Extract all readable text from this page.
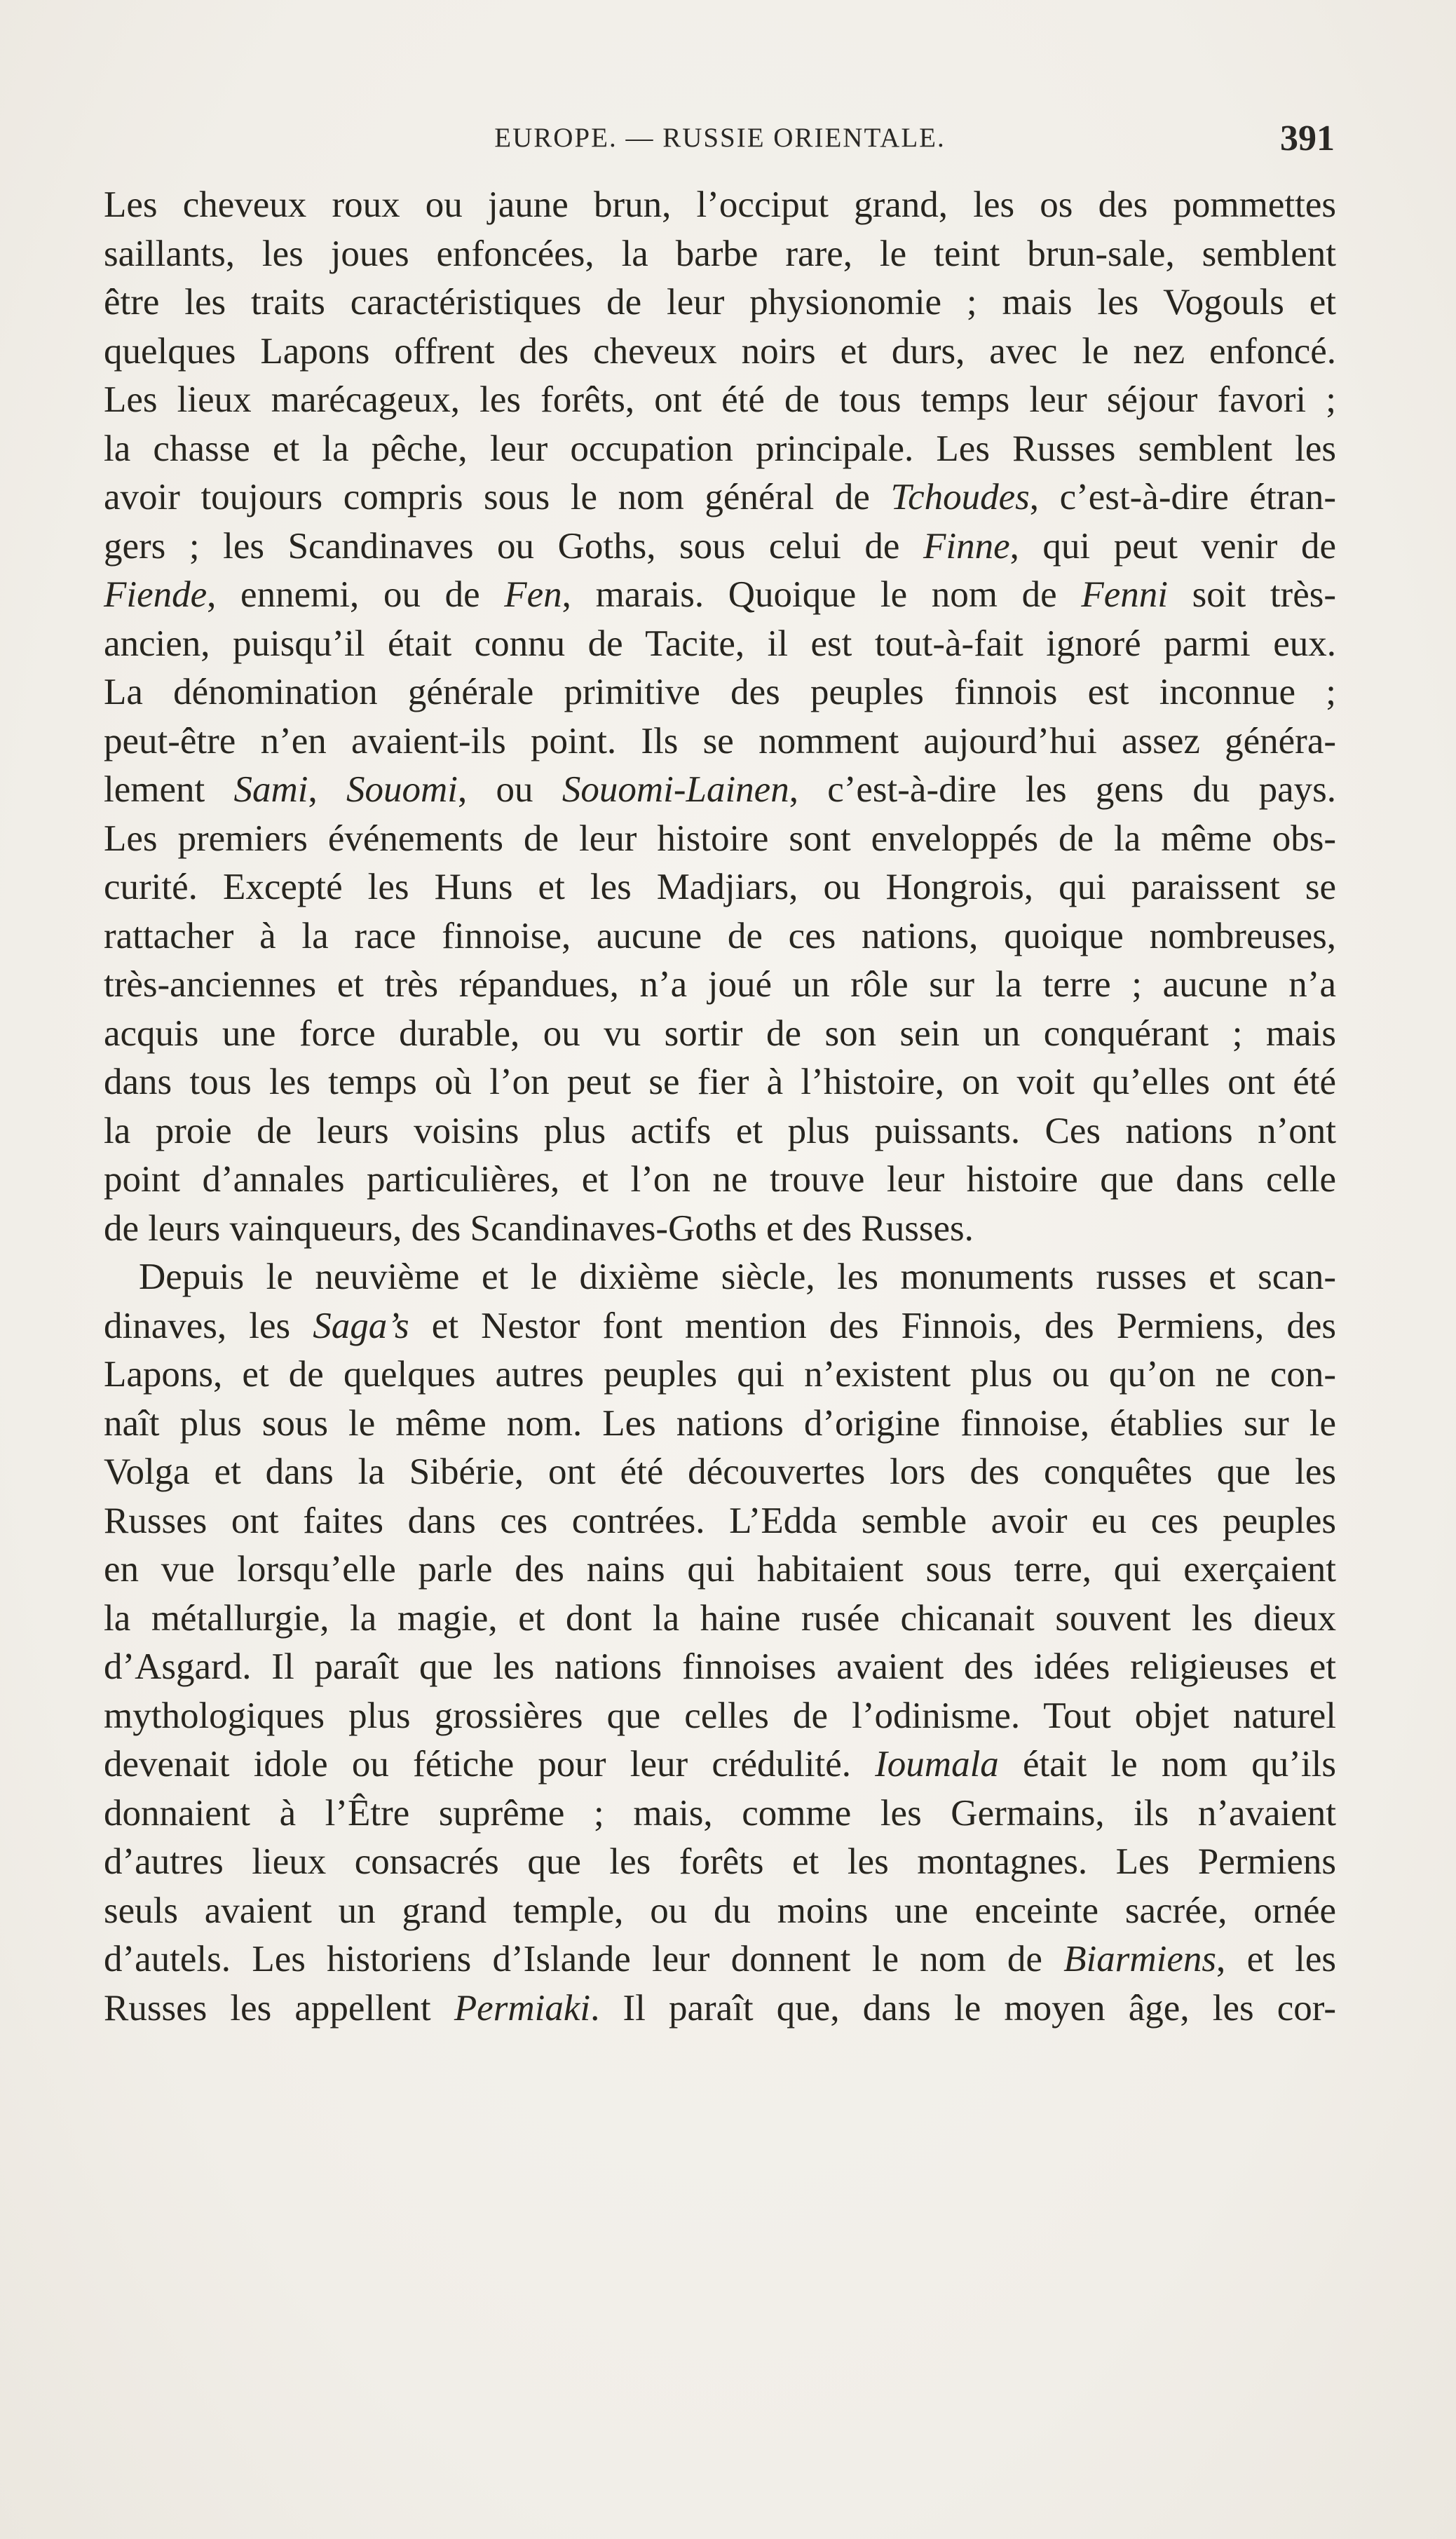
EUROPE. — RUSSIE ORIENTALE.	391

Les cheveux roux ou jaune brun, l’occiput grand, les os des pommettes
saillants, les joues enfoncées, la barbe rare, le teint brun-sale, semblent
être les traits caractéristiques de leur physionomie ; mais les Vogouls et
quelques Lapons offrent des cheveux noirs et durs, avec le nez enfoncé.
Les lieux marécageux, les forêts, ont été de tous temps leur séjour favori ;
la chasse et la pêche, leur occupation principale. Les Russes semblent les
avoir toujours compris sous le nom général de Tchoudes, c’est-à-dire étran-
gers ; les Scandinaves ou Goths, sous celui de Finne, qui peut venir de
Fiende, ennemi, ou de Fen, marais. Quoique le nom de Fenni soit très-
ancien, puisqu’il était connu de Tacite, il est tout-à-fait ignoré parmi eux.
La dénomination générale primitive des peuples finnois est inconnue ;
peut-être n’en avaient-ils point. Ils se nomment aujourd’hui assez généra-
lement Sami, Souomi, ou Souomi-Lainen, c’est-à-dire les gens du pays.
Les premiers événements de leur histoire sont enveloppés de la même obs-
curité. Excepté les Huns et les Madjiars, ou Hongrois, qui paraissent se
rattacher à la race finnoise, aucune de ces nations, quoique nombreuses,
très-anciennes et très répandues, n’a joué un rôle sur la terre ; aucune n’a
acquis une force durable, ou vu sortir de son sein un conquérant ; mais
dans tous les temps où l’on peut se fier à l’histoire, on voit qu’elles ont été
la proie de leurs voisins plus actifs et plus puissants. Ces nations n’ont
point d’annales particulières, et l’on ne trouve leur histoire que dans celle
de leurs vainqueurs, des Scandinaves-Goths et des Russes.

Depuis le neuvième et le dixième siècle, les monuments russes et scan-
dinaves, les Saga’s et Nestor font mention des Finnois, des Permiens, des
Lapons, et de quelques autres peuples qui n’existent plus ou qu’on ne con-
naît plus sous le même nom. Les nations d’origine finnoise, établies sur le
Volga et dans la Sibérie, ont été découvertes lors des conquêtes que les
Russes ont faites dans ces contrées. L’Edda semble avoir eu ces peuples
en vue lorsqu’elle parle des nains qui habitaient sous terre, qui exerçaient
la métallurgie, la magie, et dont la haine rusée chicanait souvent les dieux
d’Asgard. Il paraît que les nations finnoises avaient des idées religieuses et
mythologiques plus grossières que celles de l’odinisme. Tout objet naturel
devenait idole ou fétiche pour leur crédulité. Ioumala était le nom qu’ils
donnaient à l’Être suprême ; mais, comme les Germains, ils n’avaient
d’autres lieux consacrés que les forêts et les montagnes. Les Permiens
seuls avaient un grand temple, ou du moins une enceinte sacrée, ornée
d’autels. Les historiens d’Islande leur donnent le nom de Biarmiens, et les
Russes les appellent Permiaki. Il paraît que, dans le moyen âge, les cor-
